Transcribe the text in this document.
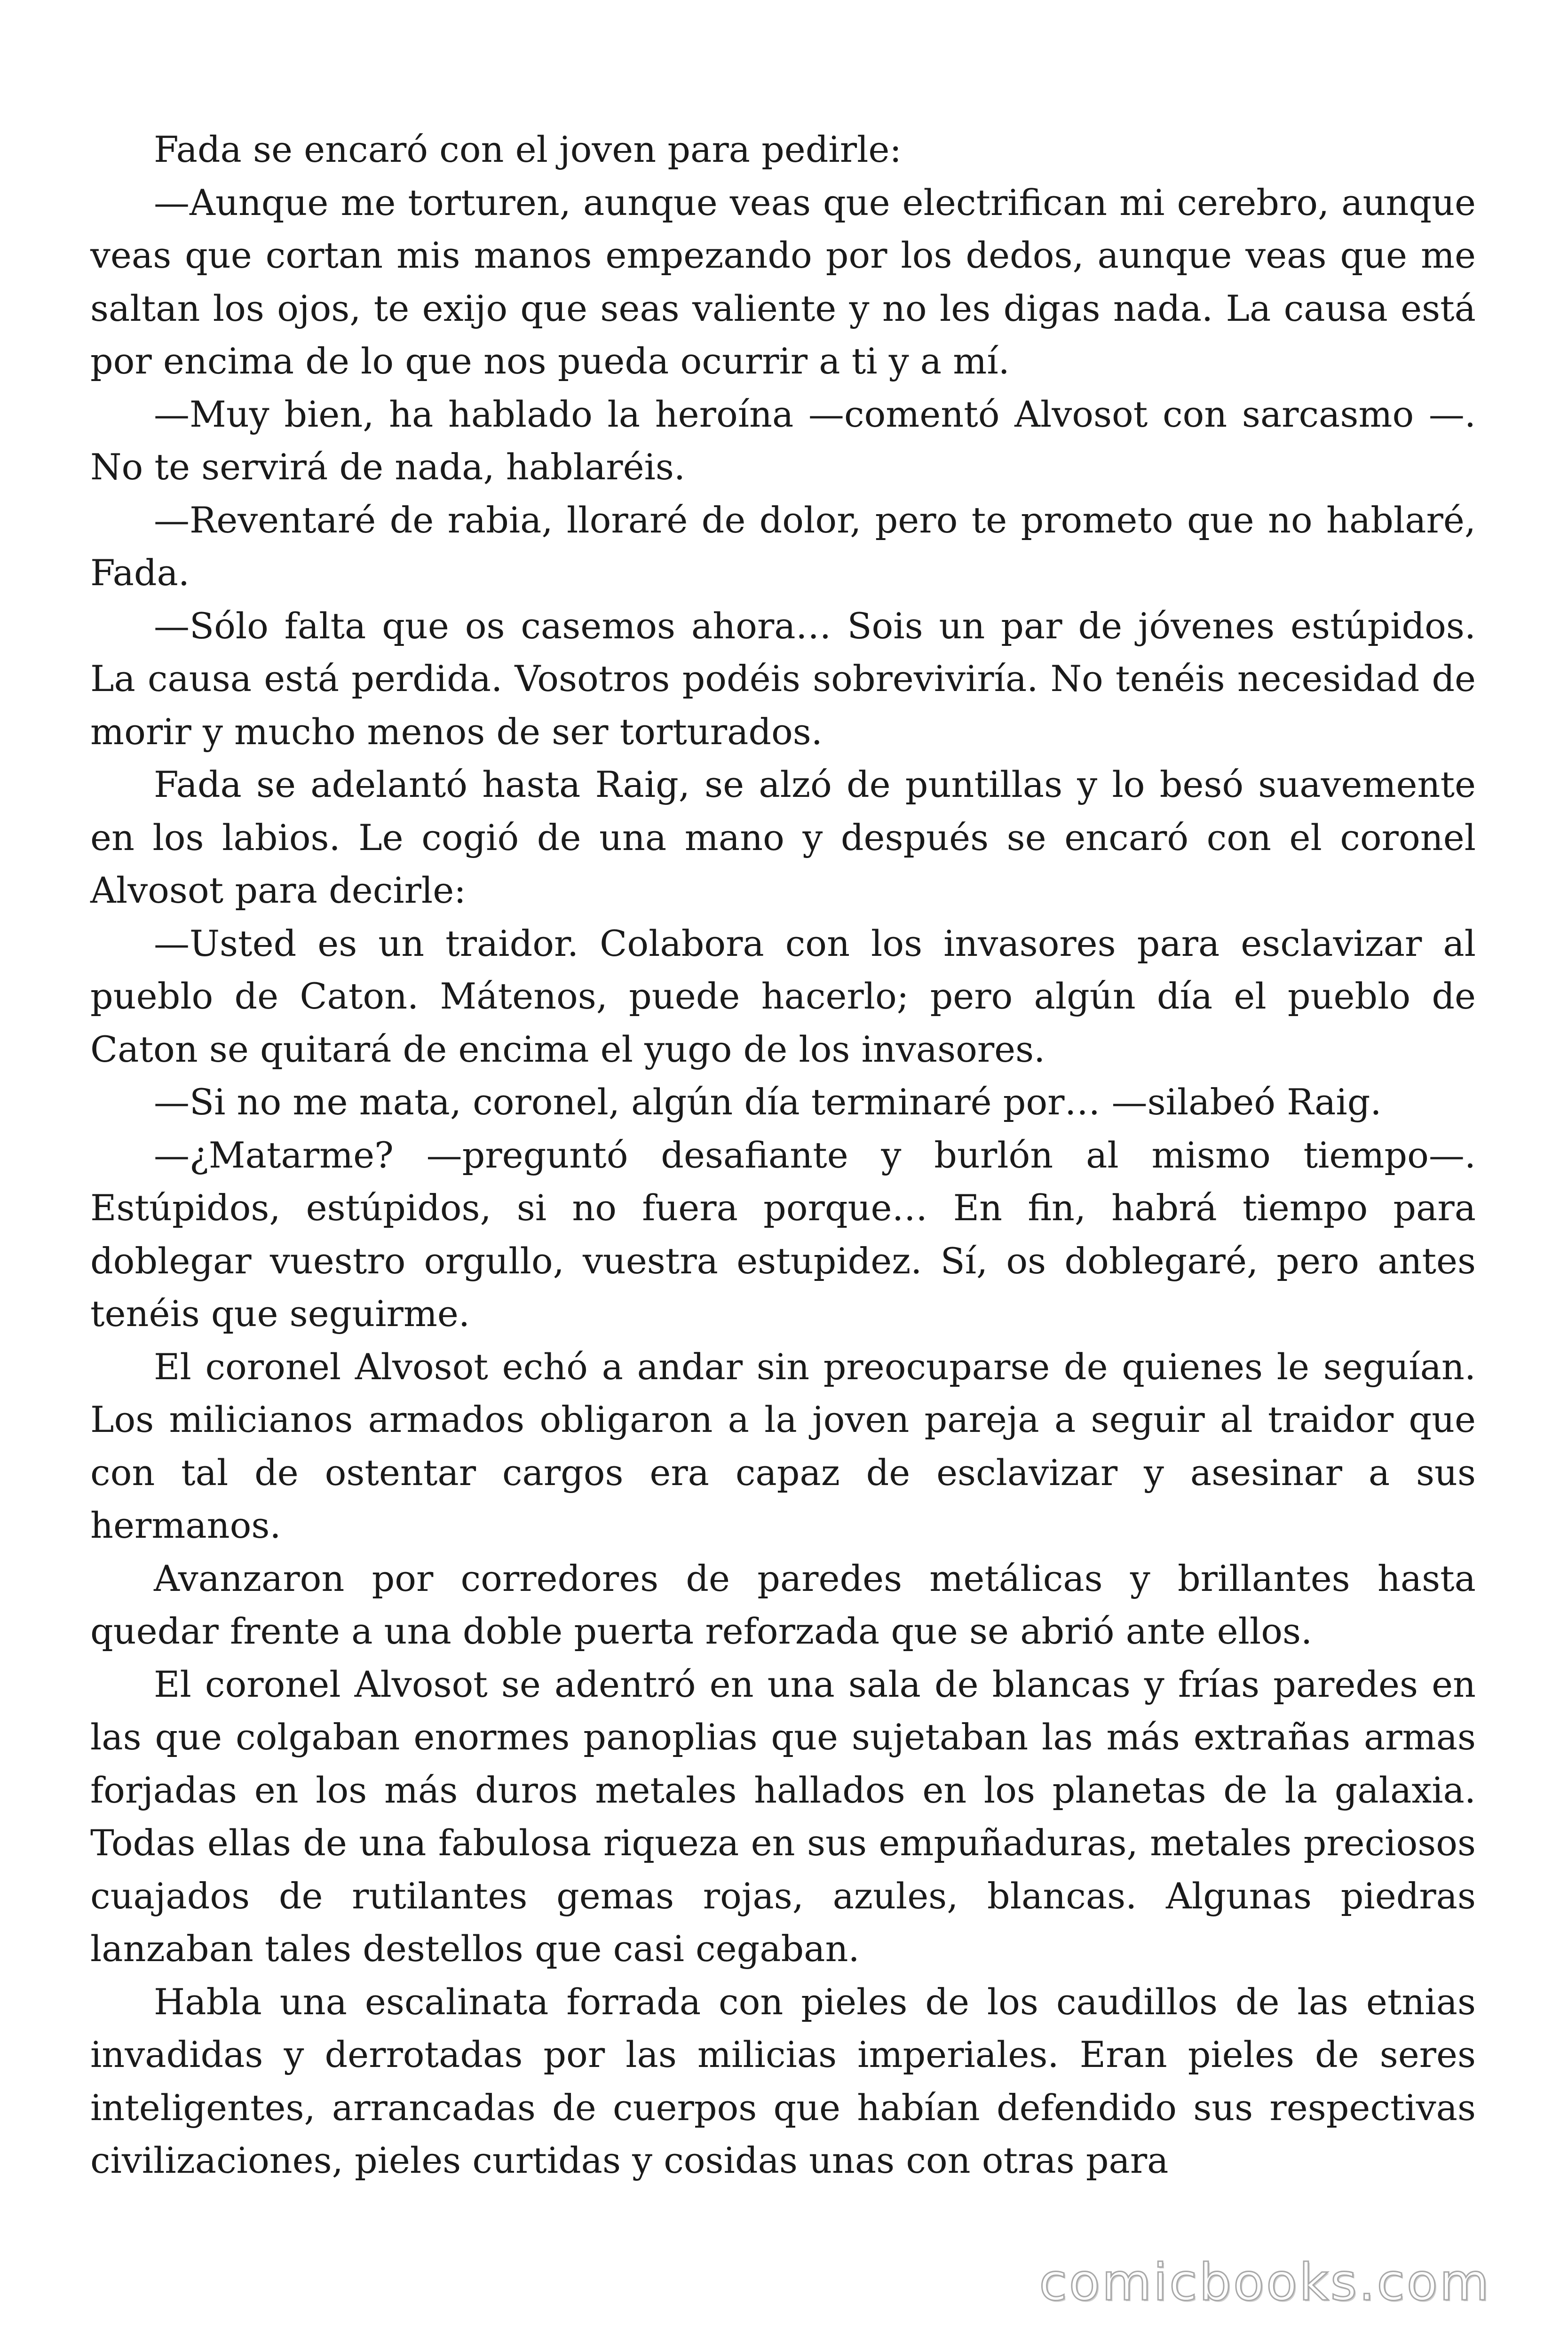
Fada se encaró con el joven para pedirle:

—Aunque me torturen, aunque veas que electrifican mi cerebro, aunque veas que cortan mis manos empezando por los dedos, aunque veas que me saltan los ojos, te exijo que seas valiente y no les digas nada. La causa está por encima de lo que nos pueda ocurrir a ti y a mí.

—Muy bien, ha hablado la heroína —comentó Alvosot con sarcasmo —. No te servirá de nada, hablaréis.

—Reventaré de rabia, lloraré de dolor, pero te prometo que no hablaré, Fada.

—Sólo falta que os casemos ahora… Sois un par de jóvenes estúpidos. La causa está perdida. Vosotros podéis sobreviviría. No tenéis necesidad de morir y mucho menos de ser torturados.

Fada se adelantó hasta Raig, se alzó de puntillas y lo besó suavemente en los labios. Le cogió de una mano y después se encaró con el coronel Alvosot para decirle:

—Usted es un traidor. Colabora con los invasores para esclavizar al pueblo de Caton. Mátenos, puede hacerlo; pero algún día el pueblo de Caton se quitará de encima el yugo de los invasores.

—Si no me mata, coronel, algún día terminaré por… —silabeó Raig.

—¿Matarme? —preguntó desafiante y burlón al mismo tiempo—. Estúpidos, estúpidos, si no fuera porque… En fin, habrá tiempo para doblegar vuestro orgullo, vuestra estupidez. Sí, os doblegaré, pero antes tenéis que seguirme.

El coronel Alvosot echó a andar sin preocuparse de quienes le seguían. Los milicianos armados obligaron a la joven pareja a seguir al traidor que con tal de ostentar cargos era capaz de esclavizar y asesinar a sus hermanos.

Avanzaron por corredores de paredes metálicas y brillantes hasta quedar frente a una doble puerta reforzada que se abrió ante ellos.

El coronel Alvosot se adentró en una sala de blancas y frías paredes en las que colgaban enormes panoplias que sujetaban las más extrañas armas forjadas en los más duros metales hallados en los planetas de la galaxia. Todas ellas de una fabulosa riqueza en sus empuñaduras, metales preciosos cuajados de rutilantes gemas rojas, azules, blancas. Algunas piedras lanzaban tales destellos que casi cegaban.

Habla una escalinata forrada con pieles de los caudillos de las etnias invadidas y derrotadas por las milicias imperiales. Eran pieles de seres inteligentes, arrancadas de cuerpos que habían defendido sus respectivas civilizaciones, pieles curtidas y cosidas unas con otras para

comicbooks.com
